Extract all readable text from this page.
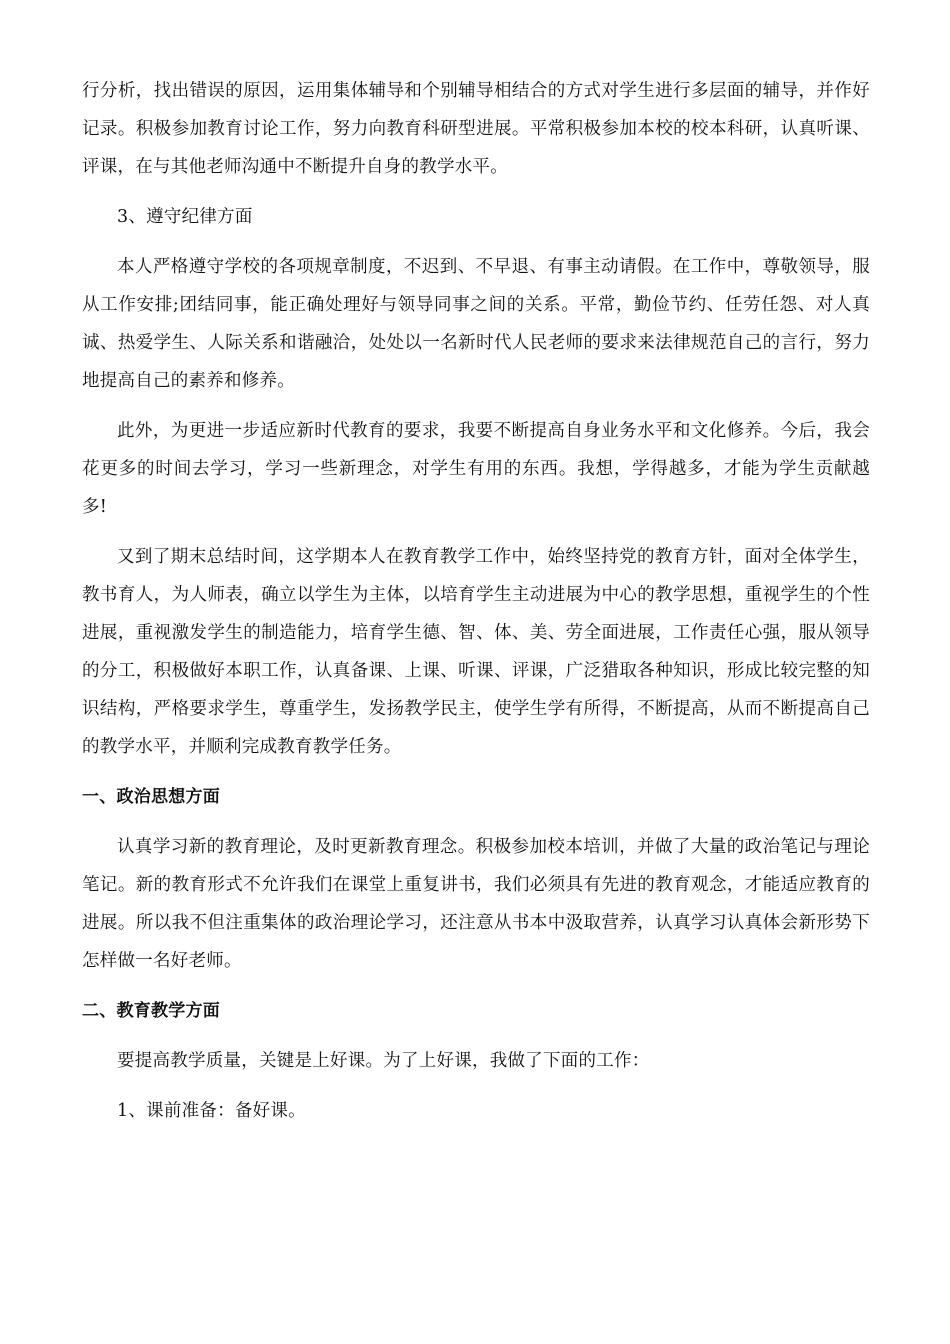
行分析，找出错误的原因，运用集体辅导和个别辅导相结合的方式对学生进行多层面的辅导，并作好记录。积极参加教育讨论工作，努力向教育科研型进展。平常积极参加本校的校本科研，认真听课、评课，在与其他老师沟通中不断提升自身的教学水平。

3、遵守纪律方面

本人严格遵守学校的各项规章制度，不迟到、不早退、有事主动请假。在工作中，尊敬领导，服从工作安排;团结同事，能正确处理好与领导同事之间的关系。平常，勤俭节约、任劳任怨、对人真诚、热爱学生、人际关系和谐融洽，处处以一名新时代人民老师的要求来法律规范自己的言行，努力地提高自己的素养和修养。

此外，为更进一步适应新时代教育的要求，我要不断提高自身业务水平和文化修养。今后，我会花更多的时间去学习，学习一些新理念，对学生有用的东西。我想，学得越多，才能为学生贡献越多!

又到了期末总结时间，这学期本人在教育教学工作中，始终坚持党的教育方针，面对全体学生，教书育人，为人师表，确立以学生为主体，以培育学生主动进展为中心的教学思想，重视学生的个性进展，重视激发学生的制造能力，培育学生德、智、体、美、劳全面进展，工作责任心强，服从领导的分工，积极做好本职工作，认真备课、上课、听课、评课，广泛猎取各种知识，形成比较完整的知识结构，严格要求学生，尊重学生，发扬教学民主，使学生学有所得，不断提高，从而不断提高自己的教学水平，并顺利完成教育教学任务。

一、政治思想方面

认真学习新的教育理论，及时更新教育理念。积极参加校本培训，并做了大量的政治笔记与理论笔记。新的教育形式不允许我们在课堂上重复讲书，我们必须具有先进的教育观念，才能适应教育的进展。所以我不但注重集体的政治理论学习，还注意从书本中汲取营养，认真学习认真体会新形势下怎样做一名好老师。

二、教育教学方面

要提高教学质量，关键是上好课。为了上好课，我做了下面的工作：

1、课前准备：备好课。
